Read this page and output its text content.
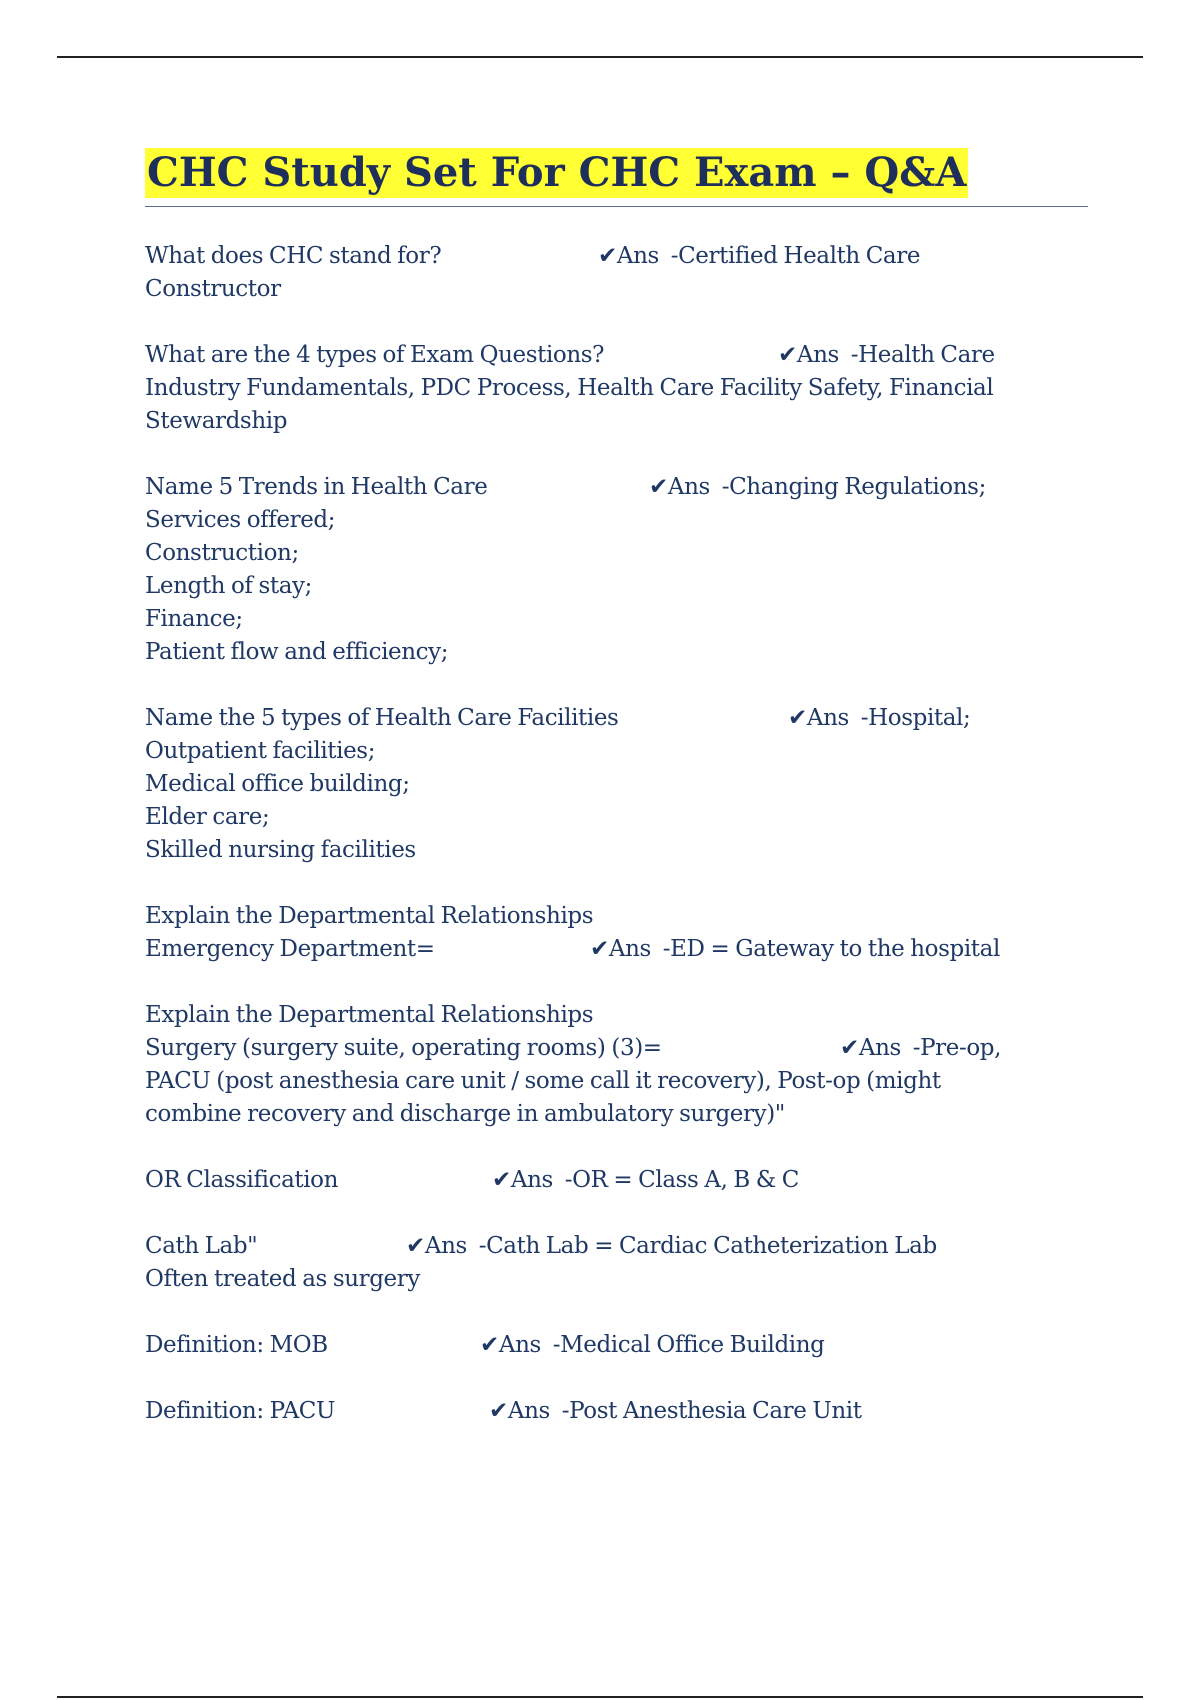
CHC Study Set For CHC Exam – Q&A
What does CHC stand for?	✔Ans  -Certified Health Care
Constructor
What are the 4 types of Exam Questions?	✔Ans  -Health Care
Industry Fundamentals, PDC Process, Health Care Facility Safety, Financial
Stewardship
Name 5 Trends in Health Care	✔Ans  -Changing Regulations;
Services offered;
Construction;
Length of stay;
Finance;
Patient flow and efficiency;
Name the 5 types of Health Care Facilities	✔Ans  -Hospital;
Outpatient facilities;
Medical office building;
Elder care;
Skilled nursing facilities
Explain the Departmental Relationships
Emergency Department=	✔Ans  -ED = Gateway to the hospital
Explain the Departmental Relationships
Surgery (surgery suite, operating rooms) (3)=	✔Ans  -Pre-op,
PACU (post anesthesia care unit / some call it recovery), Post-op (might
combine recovery and discharge in ambulatory surgery)"
OR Classification	✔Ans  -OR = Class A, B & C
Cath Lab"	✔Ans  -Cath Lab = Cardiac Catheterization Lab
Often treated as surgery
Definition: MOB	✔Ans  -Medical Office Building
Definition: PACU	✔Ans  -Post Anesthesia Care Unit
